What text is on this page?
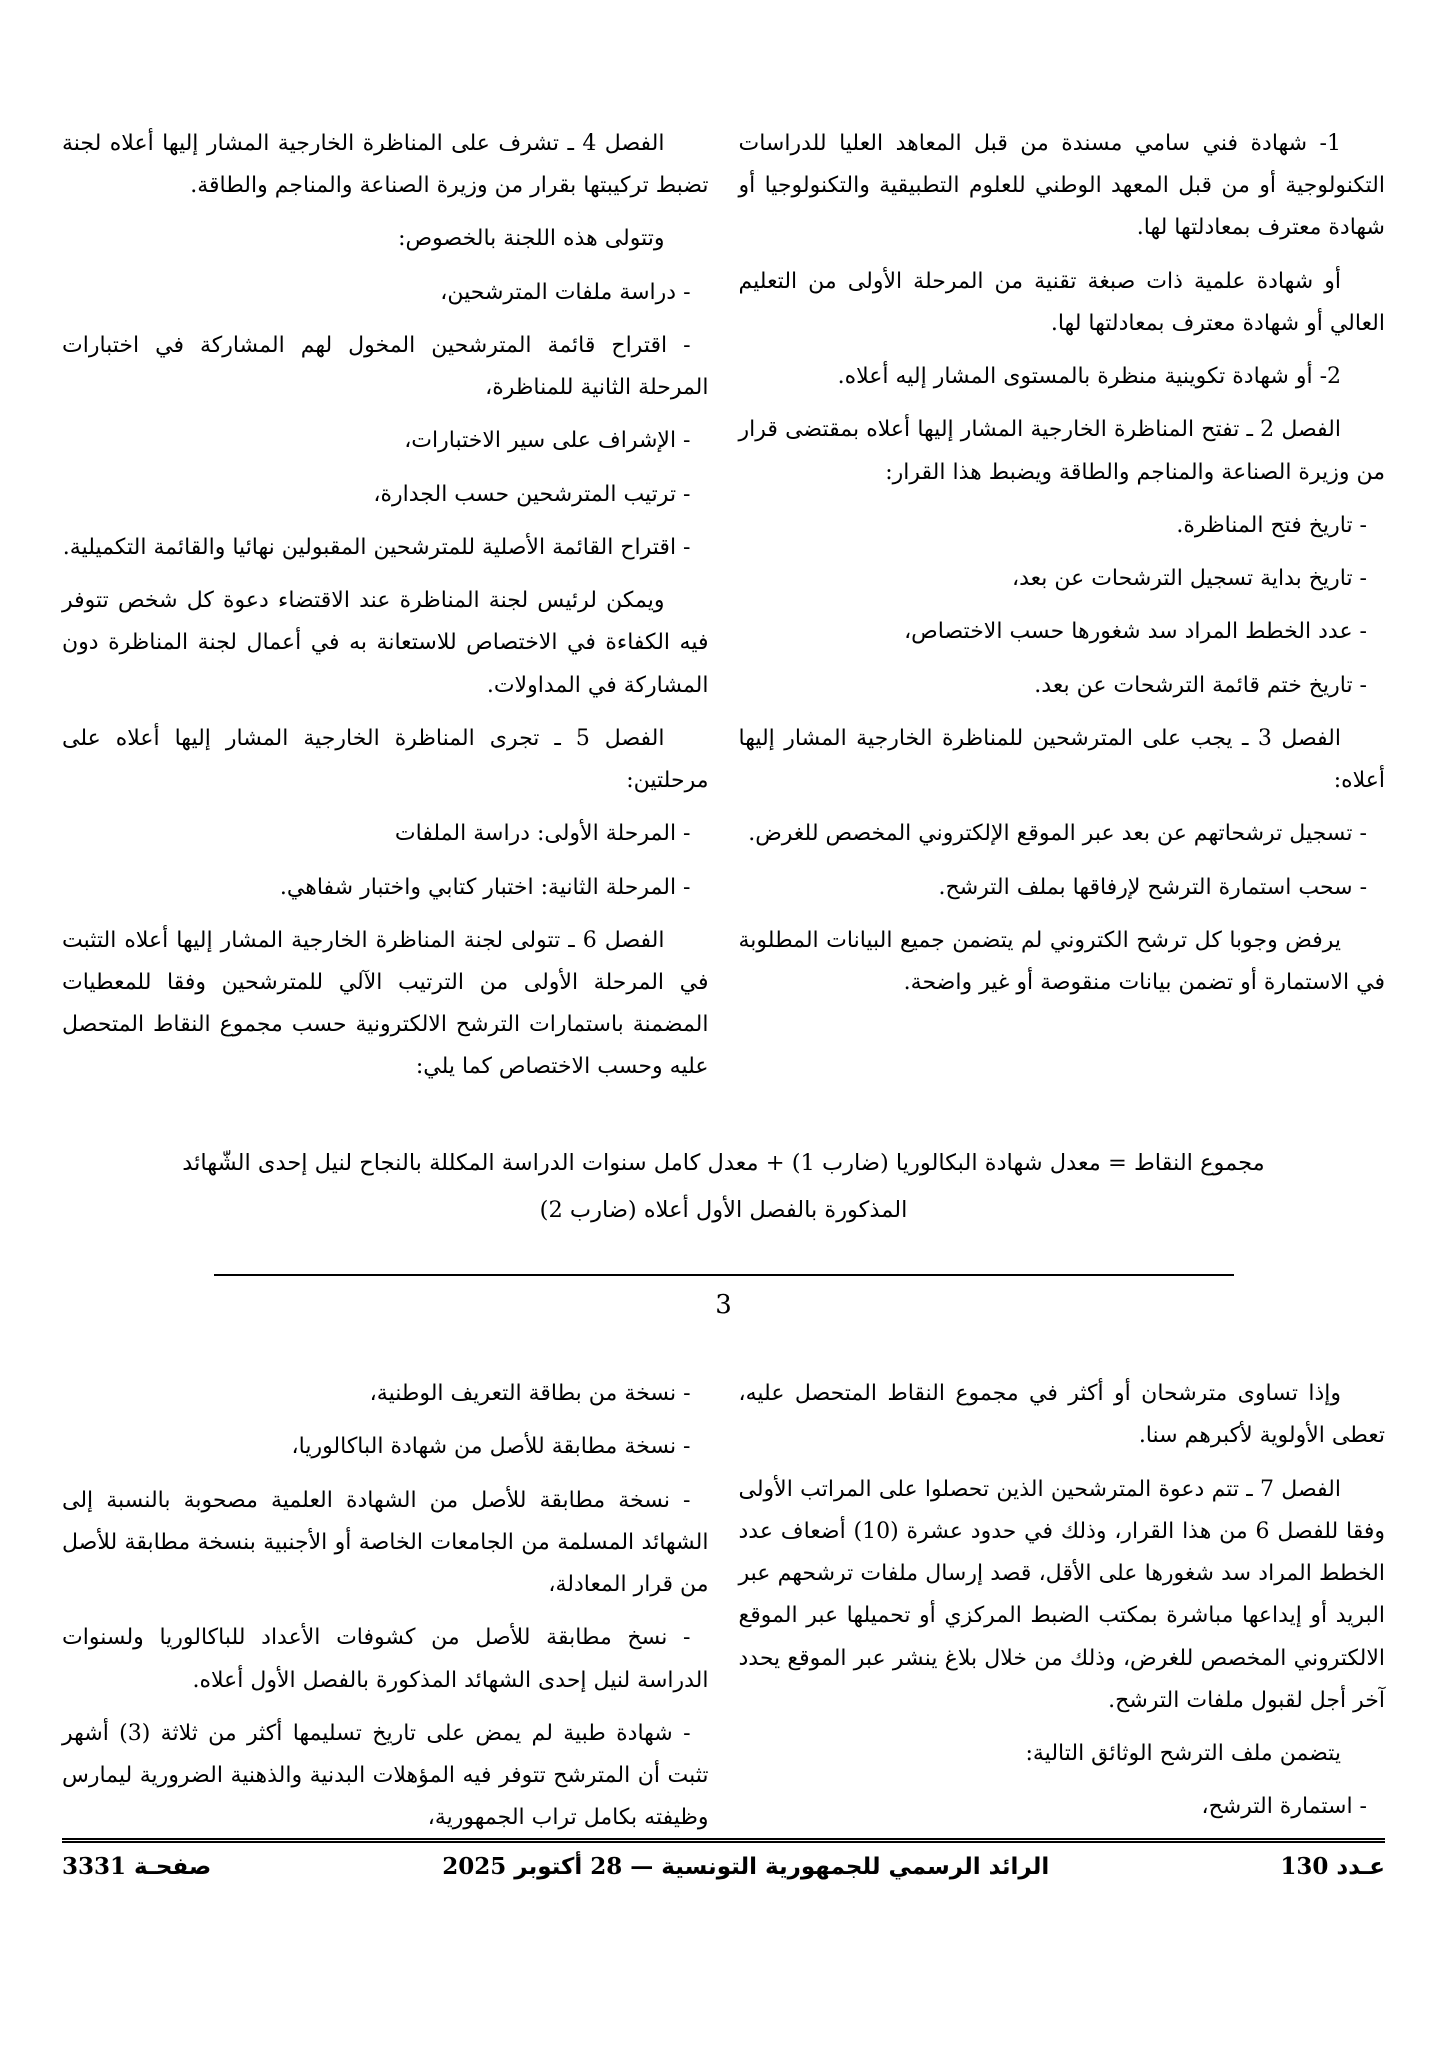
1- شهادة فني سامي مسندة من قبل المعاهد العليا للدراسات التكنولوجية أو من قبل المعهد الوطني للعلوم التطبيقية والتكنولوجيا أو شهادة معترف بمعادلتها لها.

أو شهادة علمية ذات صبغة تقنية من المرحلة الأولى من التعليم العالي أو شهادة معترف بمعادلتها لها.

2- أو شهادة تكوينية منظرة بالمستوى المشار إليه أعلاه.

الفصل 2 ـ تفتح المناظرة الخارجية المشار إليها أعلاه بمقتضى قرار من وزيرة الصناعة والمناجم والطاقة ويضبط هذا القرار:

- تاريخ فتح المناظرة.

- تاريخ بداية تسجيل الترشحات عن بعد،

- عدد الخطط المراد سد شغورها حسب الاختصاص،

- تاريخ ختم قائمة الترشحات عن بعد.

الفصل 3 ـ يجب على المترشحين للمناظرة الخارجية المشار إليها أعلاه:

- تسجيل ترشحاتهم عن بعد عبر الموقع الإلكتروني المخصص للغرض.

- سحب استمارة الترشح لإرفاقها بملف الترشح.

يرفض وجوبا كل ترشح الكتروني لم يتضمن جميع البيانات المطلوبة في الاستمارة أو تضمن بيانات منقوصة أو غير واضحة.

الفصل 4 ـ تشرف على المناظرة الخارجية المشار إليها أعلاه لجنة تضبط تركيبتها بقرار من وزيرة الصناعة والمناجم والطاقة.

وتتولى هذه اللجنة بالخصوص:

- دراسة ملفات المترشحين،

- اقتراح قائمة المترشحين المخول لهم المشاركة في اختبارات المرحلة الثانية للمناظرة،

- الإشراف على سير الاختبارات،

- ترتيب المترشحين حسب الجدارة،

- اقتراح القائمة الأصلية للمترشحين المقبولين نهائيا والقائمة التكميلية.

ويمكن لرئيس لجنة المناظرة عند الاقتضاء دعوة كل شخص تتوفر فيه الكفاءة في الاختصاص للاستعانة به في أعمال لجنة المناظرة دون المشاركة في المداولات.

الفصل 5 ـ تجرى المناظرة الخارجية المشار إليها أعلاه على مرحلتين:

- المرحلة الأولى: دراسة الملفات

- المرحلة الثانية: اختبار كتابي واختبار شفاهي.

الفصل 6 ـ تتولى لجنة المناظرة الخارجية المشار إليها أعلاه التثبت في المرحلة الأولى من الترتيب الآلي للمترشحين وفقا للمعطيات المضمنة باستمارات الترشح الالكترونية حسب مجموع النقاط المتحصل عليه وحسب الاختصاص كما يلي:

مجموع النقاط = معدل شهادة البكالوريا (ضارب 1) + معدل كامل سنوات الدراسة المكللة بالنجاح لنيل إحدى الشّهائد
المذكورة بالفصل الأول أعلاه (ضارب 2)
3

وإذا تساوى مترشحان أو أكثر في مجموع النقاط المتحصل عليه، تعطى الأولوية لأكبرهم سنا.

الفصل 7 ـ تتم دعوة المترشحين الذين تحصلوا على المراتب الأولى وفقا للفصل 6 من هذا القرار، وذلك في حدود عشرة (10) أضعاف عدد الخطط المراد سد شغورها على الأقل، قصد إرسال ملفات ترشحهم عبر البريد أو إيداعها مباشرة بمكتب الضبط المركزي أو تحميلها عبر الموقع الالكتروني المخصص للغرض، وذلك من خلال بلاغ ينشر عبر الموقع يحدد آخر أجل لقبول ملفات الترشح.

يتضمن ملف الترشح الوثائق التالية:

- استمارة الترشح،

- نسخة من بطاقة التعريف الوطنية،

- نسخة مطابقة للأصل من شهادة الباكالوريا،

- نسخة مطابقة للأصل من الشهادة العلمية مصحوبة بالنسبة إلى الشهائد المسلمة من الجامعات الخاصة أو الأجنبية بنسخة مطابقة للأصل من قرار المعادلة،

- نسخ مطابقة للأصل من كشوفات الأعداد للباكالوريا ولسنوات الدراسة لنيل إحدى الشهائد المذكورة بالفصل الأول أعلاه.

- شهادة طبية لم يمض على تاريخ تسليمها أكثر من ثلاثة (3) أشهر تثبت أن المترشح تتوفر فيه المؤهلات البدنية والذهنية الضرورية ليمارس وظيفته بكامل تراب الجمهورية،

عـدد 130
الرائد الرسمي للجمهورية التونسية — 28 أكتوبر 2025
صفحـة 3331
